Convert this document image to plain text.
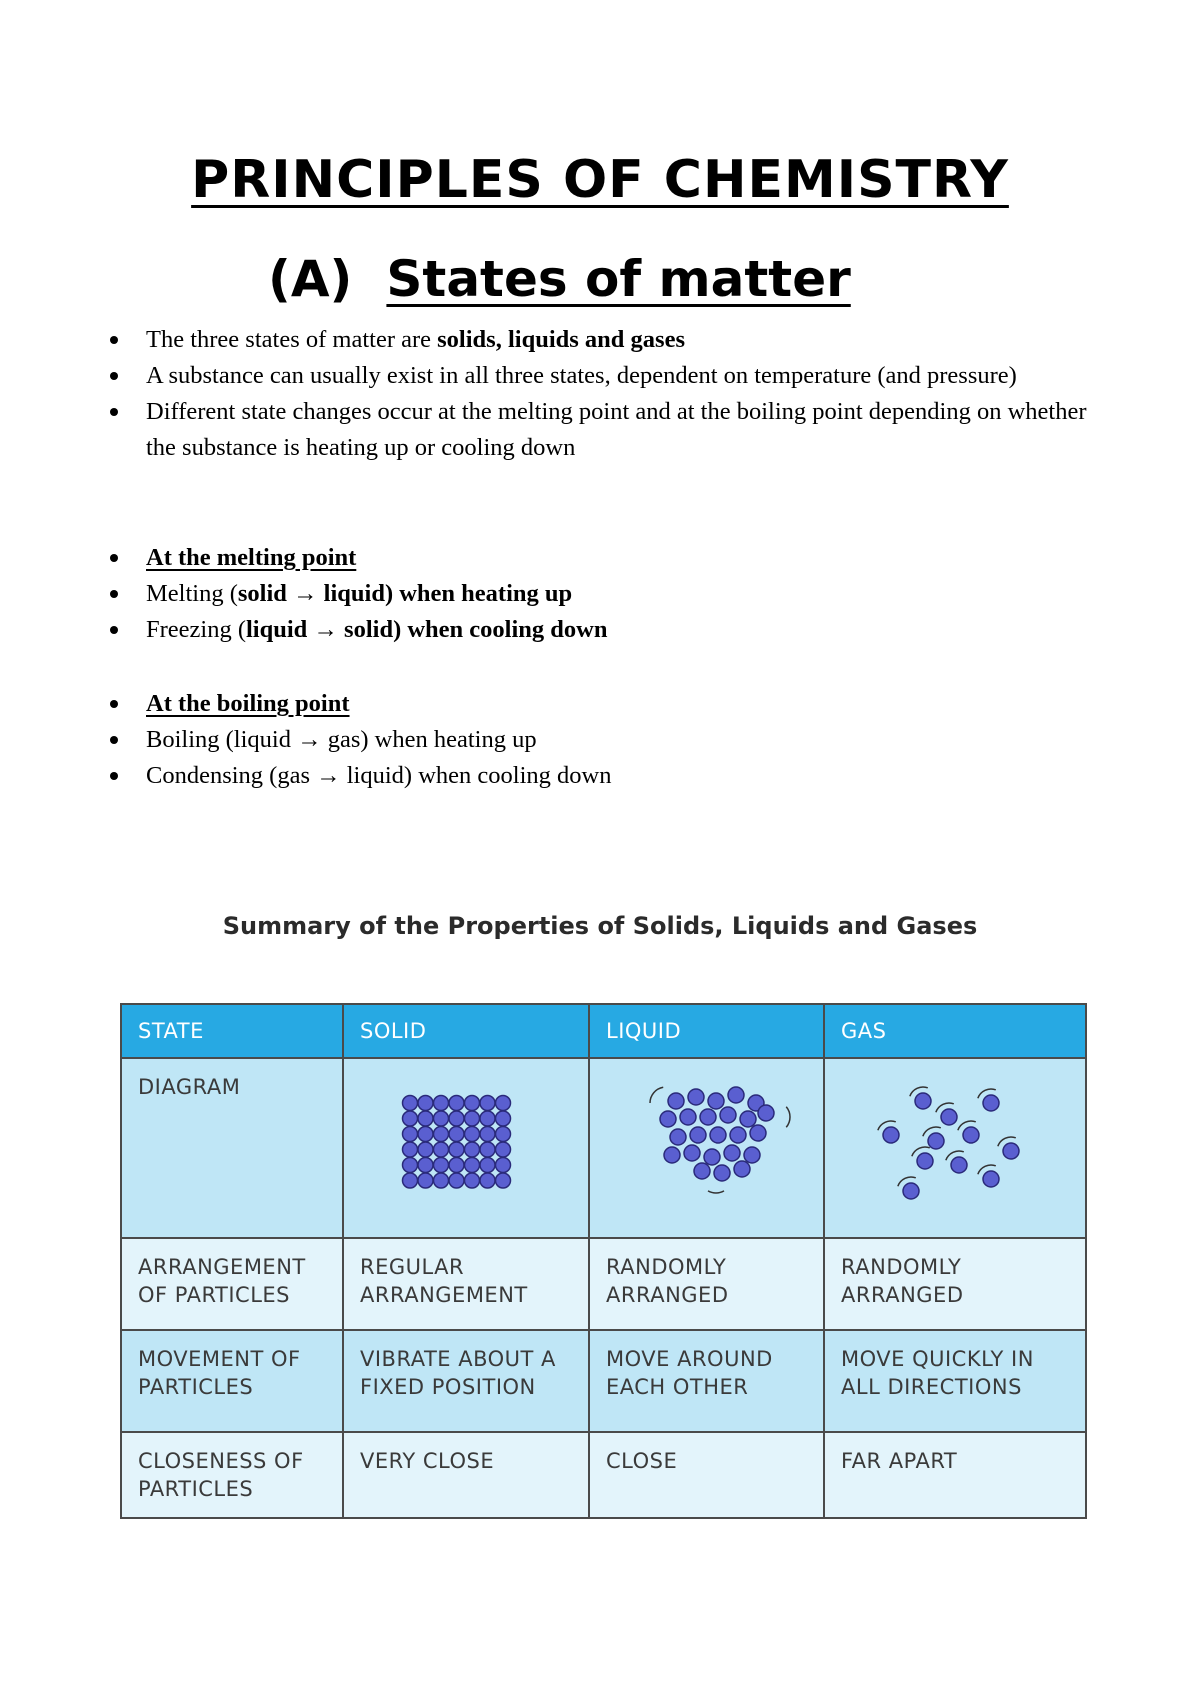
PRINCIPLES OF CHEMISTRY
(A) States of matter
The three states of matter are solids, liquids and gases
A substance can usually exist in all three states, dependent on temperature (and pressure)
Different state changes occur at the melting point and at the boiling point depending on whether the substance is heating up or cooling down
At the melting point
Melting (solid → liquid) when heating up
Freezing (liquid → solid) when cooling down
At the boiling point
Boiling (liquid → gas) when heating up
Condensing (gas → liquid) when cooling down
Summary of the Properties of Solids, Liquids and Gases
STATE	SOLID	LIQUID	GAS
DIAGRAM	

ARRANGEMENT OF PARTICLES	REGULAR ARRANGEMENT	RANDOMLY ARRANGED	RANDOMLY ARRANGED
MOVEMENT OF PARTICLES	VIBRATE ABOUT A FIXED POSITION	MOVE AROUND EACH OTHER	MOVE QUICKLY IN ALL DIRECTIONS
CLOSENESS OF PARTICLES	VERY CLOSE	CLOSE	FAR APART
